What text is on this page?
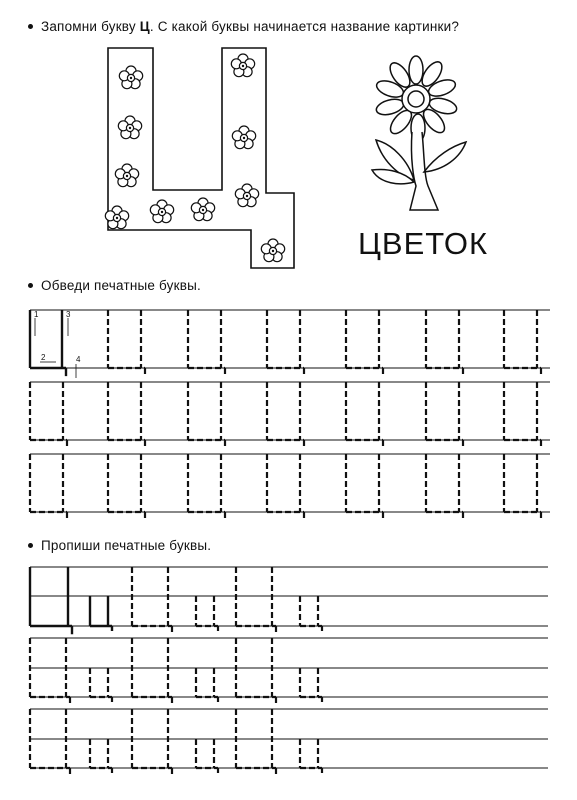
Запомни букву Ц. С какой буквы начинается название картинки?
ЦВЕТОК
Обведи печатные буквы.
1
2
3
4
Пропиши печатные буквы.
